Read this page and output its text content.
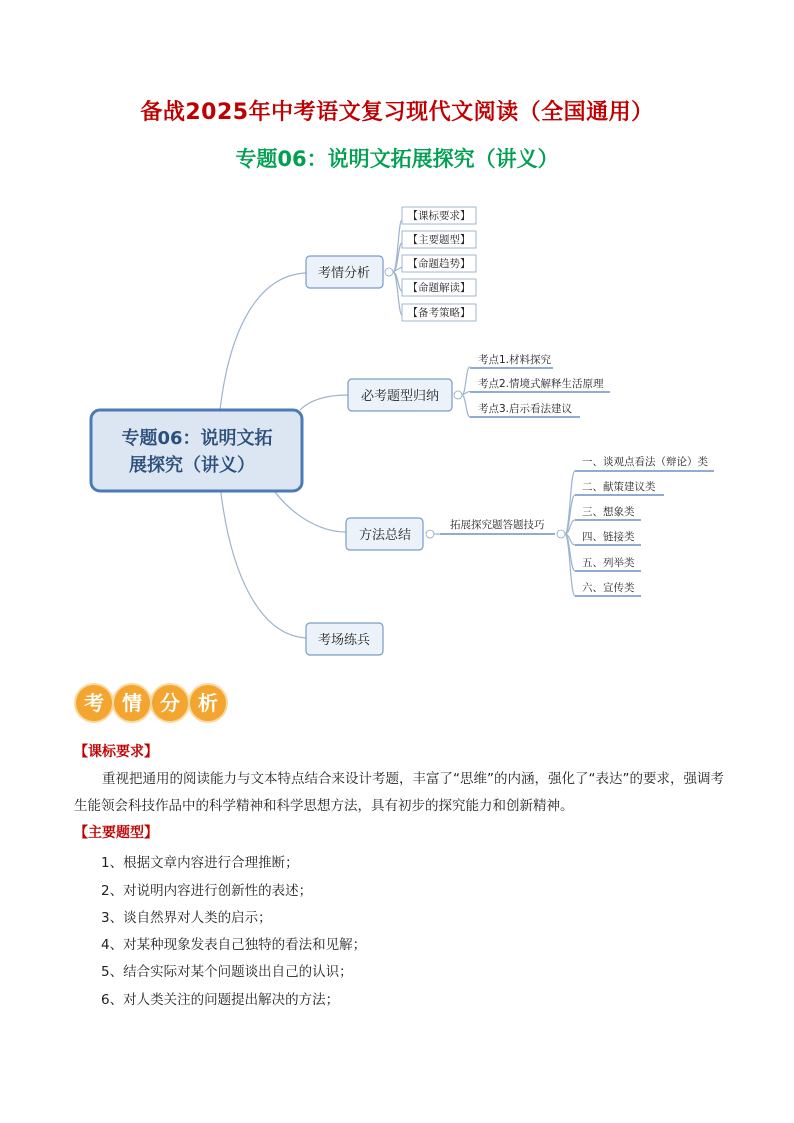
备战2025年中考语文复习现代文阅读（全国通用）
专题06：说明文拓展探究（讲义）
专题06：说明文拓
展探究（讲义）
考情分析
【课标要求】
【主要题型】
【命题趋势】
【命题解读】
【备考策略】
必考题型归纳
考点1.材料探究
考点2.情境式解释生活原理
考点3.启示看法建议
方法总结
拓展探究题答题技巧
一、谈观点看法（辩论）类
二、献策建议类
三、想象类
四、链接类
五、列举类
六、宣传类
考场练兵
考 情 分 析
【课标要求】
重视把通用的阅读能力与文本特点结合来设计考题，丰富了“思维”的内涵，强化了“表达”的要求，强调考生能领会科技作品中的科学精神和科学思想方法，具有初步的探究能力和创新精神。
【主要题型】
1、根据文章内容进行合理推断；
2、对说明内容进行创新性的表述；
3、谈自然界对人类的启示；
4、对某种现象发表自己独特的看法和见解；
5、结合实际对某个问题谈出自己的认识；
6、对人类关注的问题提出解决的方法；
